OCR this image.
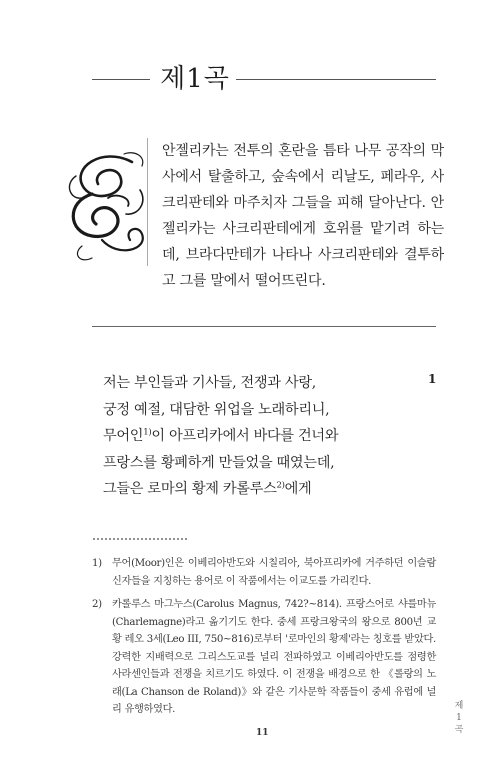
제1곡
안젤리카는 전투의 혼란을 틈타 나무 공작의 막사에서 탈출하고, 숲속에서 리날도, 페라우, 사크리판테와 마주치자 그들을 피해 달아난다. 안젤리카는 사크리판테에게 호위를 맡기려 하는데, 브라다만테가 나타나 사크리판테와 결투하고 그를 말에서 떨어뜨린다.
1
저는 부인들과 기사들, 전쟁과 사랑,
궁정 예절, 대담한 위업을 노래하리니,
무어인$^{1)}$이 아프리카에서 바다를 건너와
프랑스를 황폐하게 만들었을 때였는데,
그들은 로마의 황제 카롤루스$^{2)}$에게
1) 무어(Moor)인은 이베리아반도와 시칠리아, 북아프리카에 거주하던 이슬람 신자들을 지칭하는 용어로 이 작품에서는 이교도를 가리킨다.
2) 카롤루스 마그누스(Carolus Magnus, 742?~814). 프랑스어로 샤를마뉴(Charlemagne)라고 옮기기도 한다. 중세 프랑크왕국의 왕으로 800년 교황 레오 3세(Leo III, 750~816)로부터 '로마인의 황제'라는 칭호를 받았다. 강력한 지배력으로 그리스도교를 널리 전파하였고 이베리아반도를 점령한 사라센인들과 전쟁을 치르기도 하였다. 이 전쟁을 배경으로 한 《롤랑의 노래(La Chanson de Roland)》와 같은 기사문학 작품들이 중세 유럽에 널리 유행하였다.	제 1 곡
11
